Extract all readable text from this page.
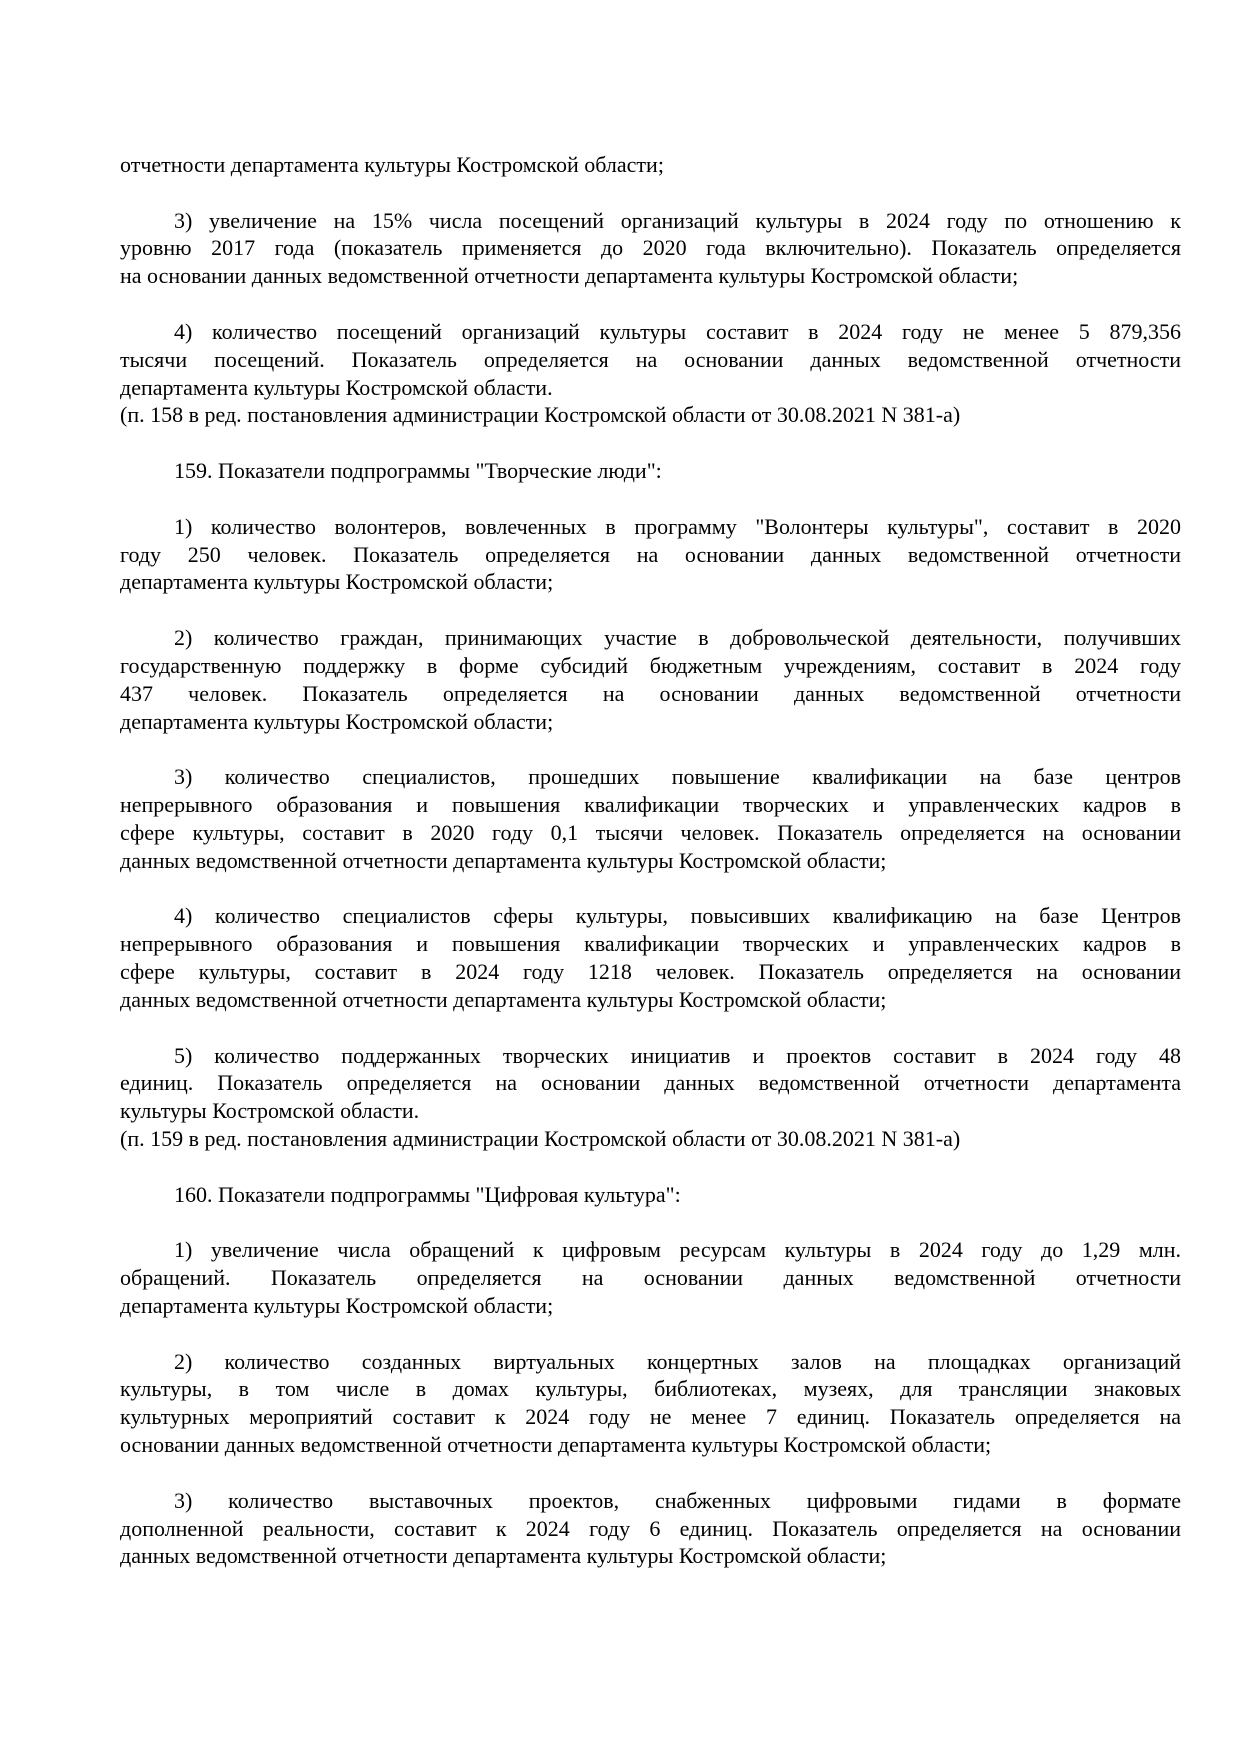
отчетности департамента культуры Костромской области;
3) увеличение на 15% числа посещений организаций культуры в 2024 году по отношению к
уровню 2017 года (показатель применяется до 2020 года включительно). Показатель определяется
на основании данных ведомственной отчетности департамента культуры Костромской области;
4) количество посещений организаций культуры составит в 2024 году не менее 5 879,356
тысячи посещений. Показатель определяется на основании данных ведомственной отчетности
департамента культуры Костромской области.
(п. 158 в ред. постановления администрации Костромской области от 30.08.2021 N 381-а)
159. Показатели подпрограммы "Творческие люди":
1) количество волонтеров, вовлеченных в программу "Волонтеры культуры", составит в 2020
году 250 человек. Показатель определяется на основании данных ведомственной отчетности
департамента культуры Костромской области;
2) количество граждан, принимающих участие в добровольческой деятельности, получивших
государственную поддержку в форме субсидий бюджетным учреждениям, составит в 2024 году
437 человек. Показатель определяется на основании данных ведомственной отчетности
департамента культуры Костромской области;
3) количество специалистов, прошедших повышение квалификации на базе центров
непрерывного образования и повышения квалификации творческих и управленческих кадров в
сфере культуры, составит в 2020 году 0,1 тысячи человек. Показатель определяется на основании
данных ведомственной отчетности департамента культуры Костромской области;
4) количество специалистов сферы культуры, повысивших квалификацию на базе Центров
непрерывного образования и повышения квалификации творческих и управленческих кадров в
сфере культуры, составит в 2024 году 1218 человек. Показатель определяется на основании
данных ведомственной отчетности департамента культуры Костромской области;
5) количество поддержанных творческих инициатив и проектов составит в 2024 году 48
единиц. Показатель определяется на основании данных ведомственной отчетности департамента
культуры Костромской области.
(п. 159 в ред. постановления администрации Костромской области от 30.08.2021 N 381-а)
160. Показатели подпрограммы "Цифровая культура":
1) увеличение числа обращений к цифровым ресурсам культуры в 2024 году до 1,29 млн.
обращений. Показатель определяется на основании данных ведомственной отчетности
департамента культуры Костромской области;
2) количество созданных виртуальных концертных залов на площадках организаций
культуры, в том числе в домах культуры, библиотеках, музеях, для трансляции знаковых
культурных мероприятий составит к 2024 году не менее 7 единиц. Показатель определяется на
основании данных ведомственной отчетности департамента культуры Костромской области;
3) количество выставочных проектов, снабженных цифровыми гидами в формате
дополненной реальности, составит к 2024 году 6 единиц. Показатель определяется на основании
данных ведомственной отчетности департамента культуры Костромской области;
